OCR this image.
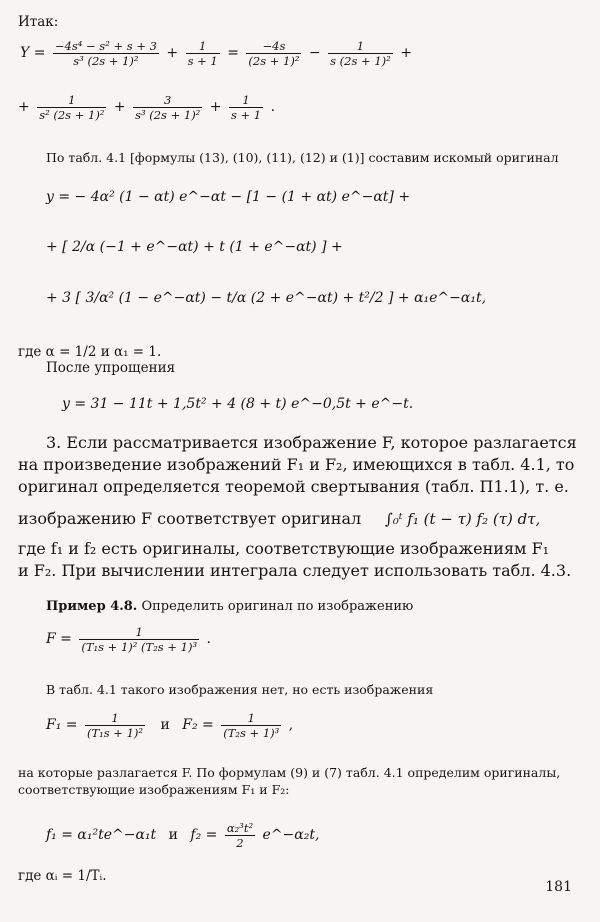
Итак:
$Y = \frac{\text{−4s⁴ − s² + s + 3}}{\text{s³ (2s + 1)²}} + \frac{1}{s + 1} = \frac{-4s}{\text{(2s + 1)²}} - \frac{1}{\text{s (2s + 1)²}}$ +
+ $\frac{1}{\text{s² (2s + 1)²}} + \frac{3}{\text{s³ (2s + 1)²}} + \frac{1}{s + 1}$ .
По табл. 4.1 [формулы (13), (10), (11), (12) и (1)] составим искомый оригинал
y = − 4α² (1 − αt) e^−αt − [1 − (1 + αt) e^−αt] +
+ [ 2/α (−1 + e^−αt) + t (1 + e^−αt) ] +
+ 3 [ 3/α² (1 − e^−αt) − t/α (2 + e^−αt) + t²/2 ] + α₁e^−α₁t,
где α = 1/2 и α₁ = 1.
После упрощения
y = 31 − 11t + 1,5t² + 4 (8 + t) e^−0,5t + e^−t.
3. Если рассматривается изображение F, которое разлагается
на произведение изображений F₁ и F₂, имеющихся в табл. 4.1, то
оригинал определяется теоремой свертывания (табл. П1.1), т. е.
изображению F соответствует оригинал	∫₀ᵗ f₁ (t − τ) f₂ (τ) dτ,
где f₁ и f₂ есть оригиналы, соответствующие изображениям F₁
и F₂. При вычислении интеграла следует использовать табл. 4.3.
Пример 4.8. Определить оригинал по изображению
$F = \frac{1}{\text{(T₁s + 1)² (T₂s + 1)³}}$ .
В табл. 4.1 такого изображения нет, но есть изображения
$F_1 = \frac{1}{\text{(T₁s + 1)²}}$ и $F_2 = \frac{1}{\text{(T₂s + 1)³}}$ ,
на которые разлагается F. По формулам (9) и (7) табл. 4.1 определим оригиналы,
соответствующие изображениям F₁ и F₂:
f₁ = α₁²te^−α₁t и $f_2 = \frac{\text{α₂³t²}}{2}$ e^−α₂t,
где αᵢ = 1/Tᵢ.
181
